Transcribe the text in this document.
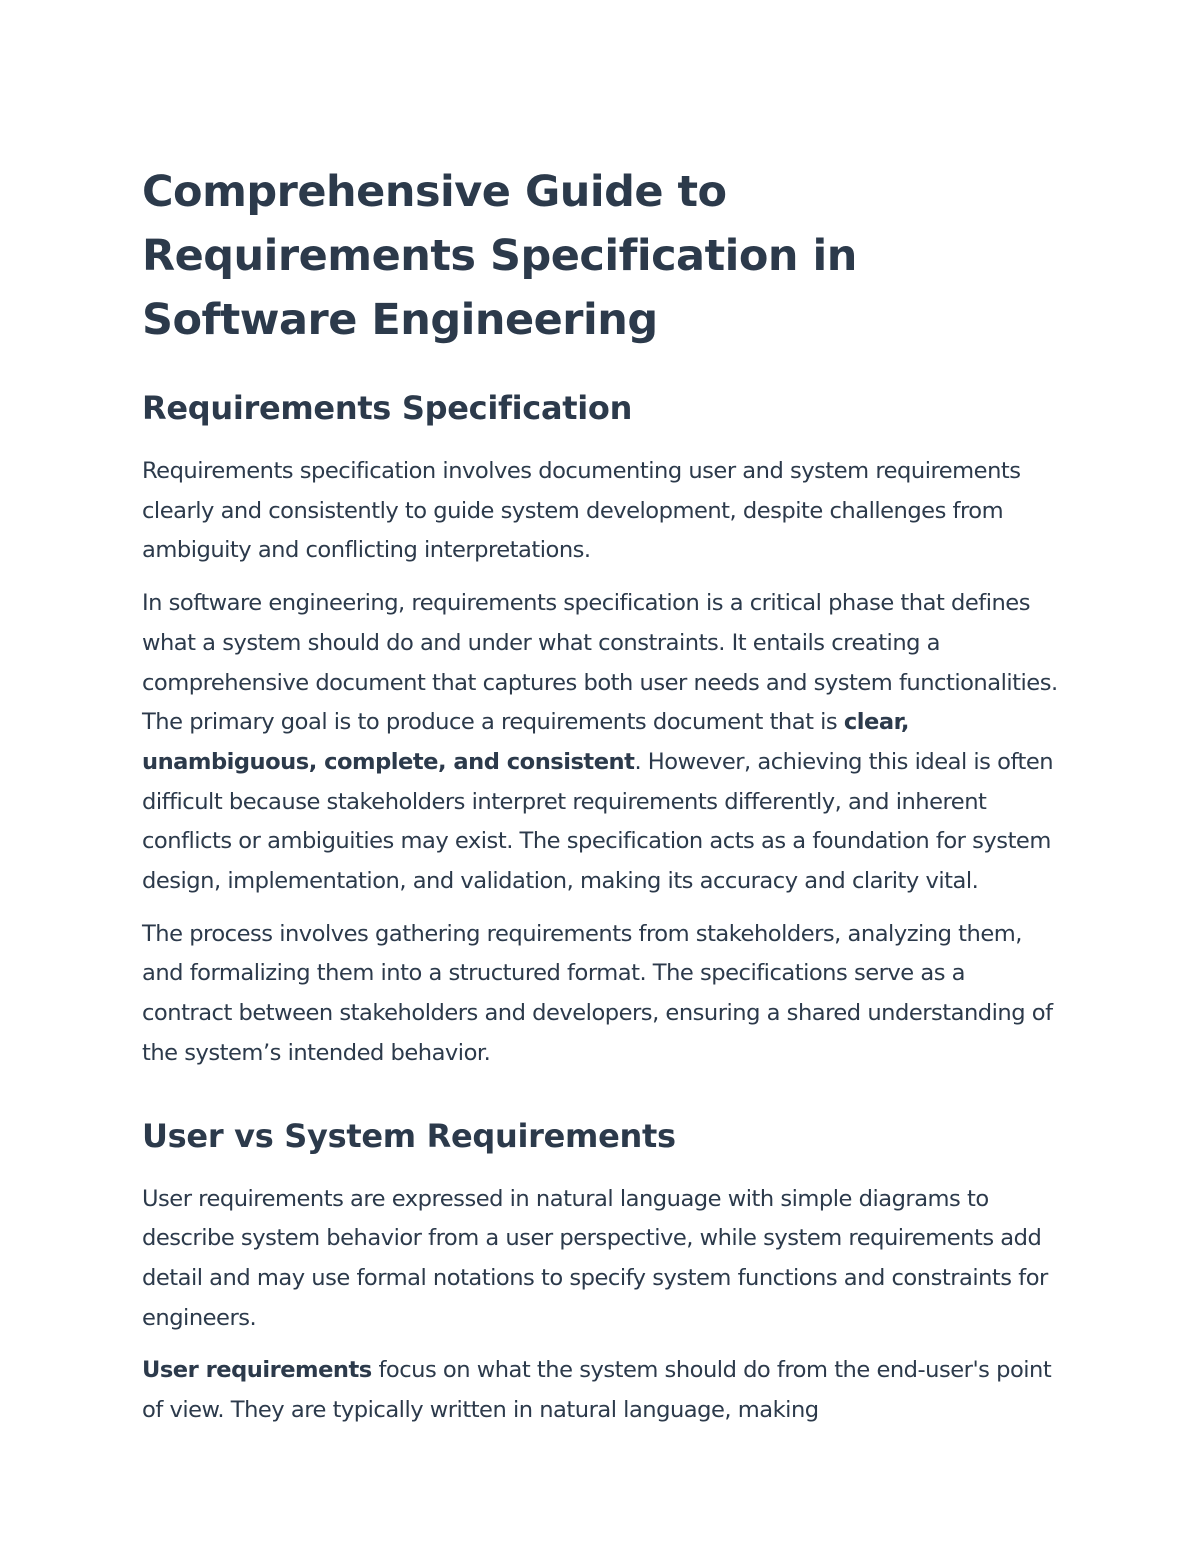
Comprehensive Guide to Requirements Specification in Software Engineering
Requirements Specification

Requirements specification involves documenting user and system requirements clearly and consistently to guide system development, despite challenges from ambiguity and conflicting interpretations.

In software engineering, requirements specification is a critical phase that defines what a system should do and under what constraints. It entails creating a comprehensive document that captures both user needs and system functionalities. The primary goal is to produce a requirements document that is clear, unambiguous, complete, and consistent. However, achieving this ideal is often difficult because stakeholders interpret requirements differently, and inherent conflicts or ambiguities may exist. The specification acts as a foundation for system design, implementation, and validation, making its accuracy and clarity vital.

The process involves gathering requirements from stakeholders, analyzing them, and formalizing them into a structured format. The specifications serve as a contract between stakeholders and developers, ensuring a shared understanding of the system’s intended behavior.

User vs System Requirements

User requirements are expressed in natural language with simple diagrams to describe system behavior from a user perspective, while system requirements add detail and may use formal notations to specify system functions and constraints for engineers.

User requirements focus on what the system should do from the end-user's point of view. They are typically written in natural language, making
